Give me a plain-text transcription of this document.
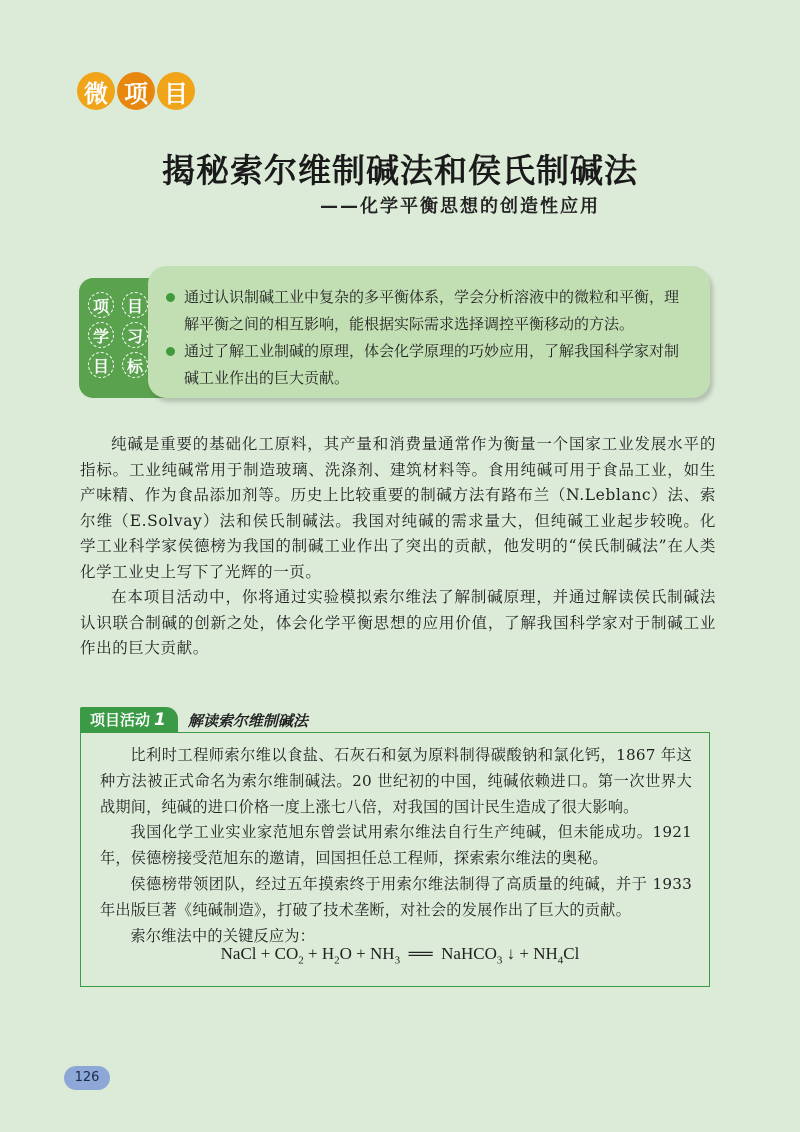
微 项 目
揭秘索尔维制碱法和侯氏制碱法
——化学平衡思想的创造性应用
通过认识制碱工业中复杂的多平衡体系，学会分析溶液中的微粒和平衡，理解平衡之间的相互影响，能根据实际需求选择调控平衡移动的方法。
通过了解工业制碱的原理，体会化学原理的巧妙应用，了解我国科学家对制碱工业作出的巨大贡献。
项	目
学	习
目	标

纯碱是重要的基础化工原料，其产量和消费量通常作为衡量一个国家工业发展水平的指标。工业纯碱常用于制造玻璃、洗涤剂、建筑材料等。食用纯碱可用于食品工业，如生产味精、作为食品添加剂等。历史上比较重要的制碱方法有路布兰（N.Leblanc）法、索尔维（E.Solvay）法和侯氏制碱法。我国对纯碱的需求量大，但纯碱工业起步较晚。化学工业科学家侯德榜为我国的制碱工业作出了突出的贡献，他发明的“侯氏制碱法”在人类化学工业史上写下了光辉的一页。

在本项目活动中，你将通过实验模拟索尔维法了解制碱原理，并通过解读侯氏制碱法认识联合制碱的创新之处，体会化学平衡思想的应用价值，了解我国科学家对于制碱工业作出的巨大贡献。

项目活动 1	解读索尔维制碱法

比利时工程师索尔维以食盐、石灰石和氨为原料制得碳酸钠和氯化钙，1867 年这种方法被正式命名为索尔维制碱法。20 世纪初的中国，纯碱依赖进口。第一次世界大战期间，纯碱的进口价格一度上涨七八倍，对我国的国计民生造成了很大影响。

我国化学工业实业家范旭东曾尝试用索尔维法自行生产纯碱，但未能成功。1921 年，侯德榜接受范旭东的邀请，回国担任总工程师，探索索尔维法的奥秘。

侯德榜带领团队，经过五年摸索终于用索尔维法制得了高质量的纯碱，并于 1933 年出版巨著《纯碱制造》，打破了技术垄断，对社会的发展作出了巨大的贡献。

索尔维法中的关键反应为：

NaCl + $CO_2 + H_2O + NH_3$  ══  NaHCO$_3$ ↓ + $NH_4Cl$
126
